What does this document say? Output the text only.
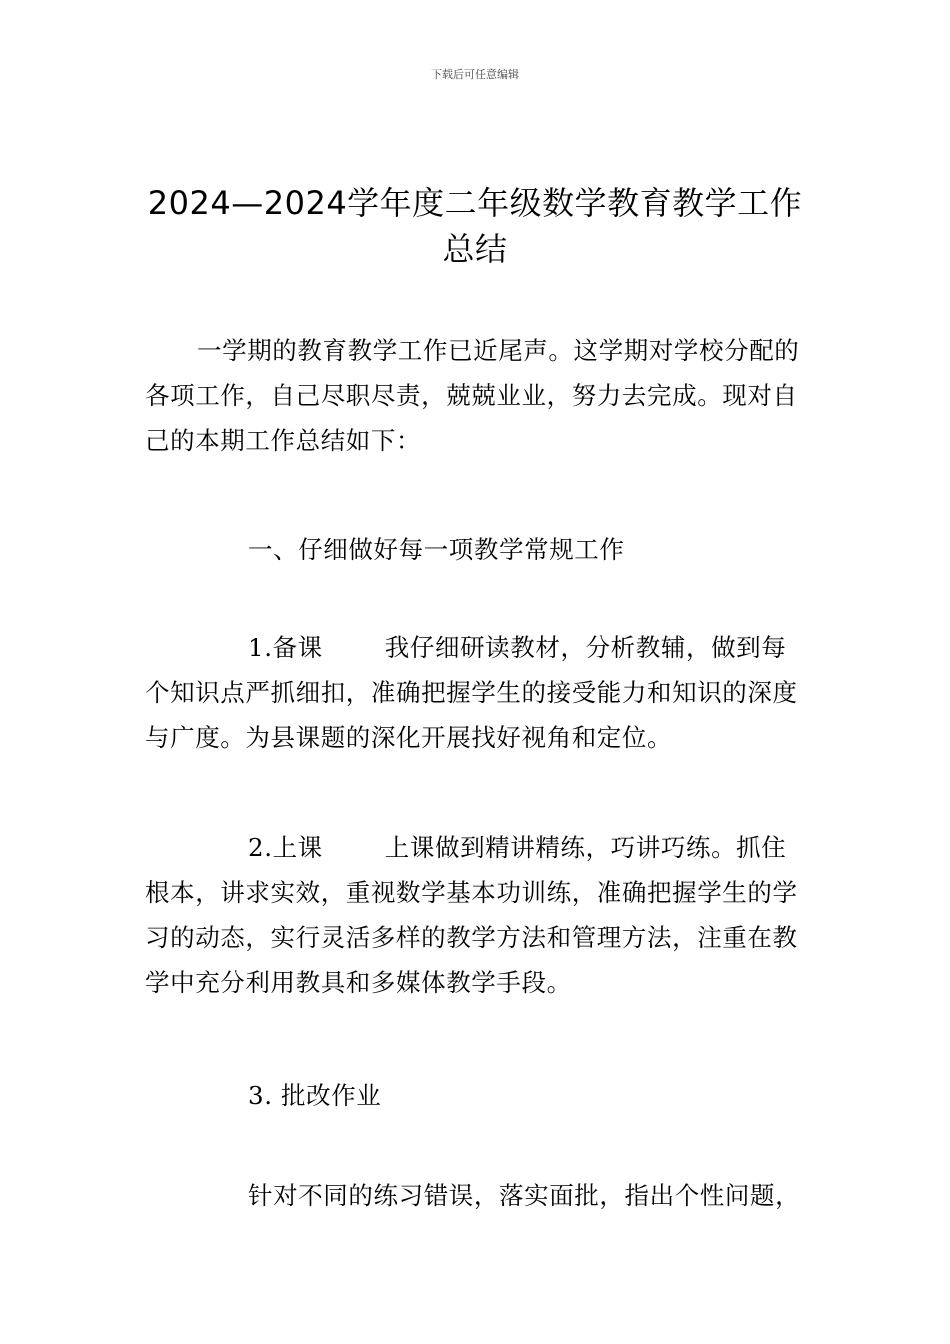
下载后可任意编辑
2024—2024学年度二年级数学教育教学工作总结
一学期的教育教学工作已近尾声。这学期对学校分配的各项工作，自己尽职尽责，兢兢业业，努力去完成。现对自己的本期工作总结如下：
一、仔细做好每一项教学常规工作
1.备课	我仔细研读教材，分析教辅，做到每个知识点严抓细扣，准确把握学生的接受能力和知识的深度与广度。为县课题的深化开展找好视角和定位。
2.上课	上课做到精讲精练，巧讲巧练。抓住根本，讲求实效，重视数学基本功训练，准确把握学生的学习的动态，实行灵活多样的教学方法和管理方法，注重在教学中充分利用教具和多媒体教学手段。
3. 批改作业
针对不同的练习错误，落实面批，指出个性问题，
